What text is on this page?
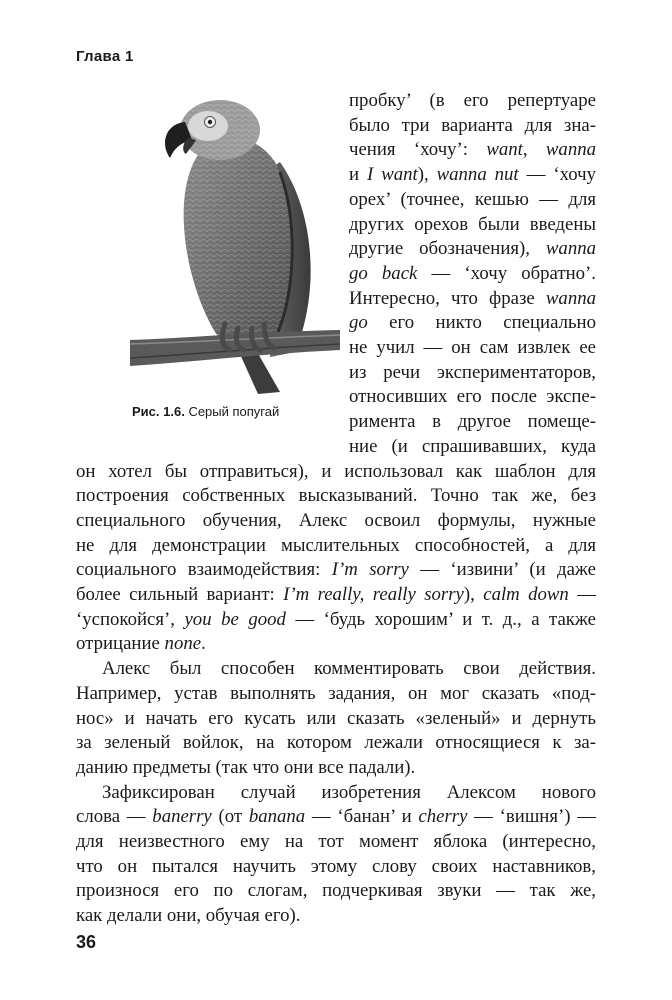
Глава 1
Рис. 1.6. Серый попугай
пробку’ (в его репертуаре
было три варианта для зна-
чения ‘хочу’: want, wanna
и I want), wanna nut — ‘хочу
орех’ (точнее, кешью — для
других орехов были введены
другие обозначения), wanna
go back — ‘хочу обратно’.
Интересно, что фразе wanna
go его никто специально
не учил — он сам извлек ее
из речи экспериментаторов,
относивших его после экспе-
римента в другое помеще-
ние (и спрашивавших, куда
он хотел бы отправиться), и использовал как шаблон для
построения собственных высказываний. Точно так же, без
специального обучения, Алекс освоил формулы, нужные
не для демонстрации мыслительных способностей, а для
социального взаимодействия: I’m sorry — ‘извини’ (и даже
более сильный вариант: I’m really, really sorry), calm down —
‘успокойся’, you be good — ‘будь хорошим’ и т. д., а также
отрицание none.
Алекс был способен комментировать свои действия.
Например, устав выполнять задания, он мог сказать «под-
нос» и начать его кусать или сказать «зеленый» и дернуть
за зеленый войлок, на котором лежали относящиеся к за-
данию предметы (так что они все падали).
Зафиксирован случай изобретения Алексом нового
слова — banerry (от banana — ‘банан’ и cherry — ‘вишня’) —
для неизвестного ему на тот момент яблока (интересно,
что он пытался научить этому слову своих наставников,
произнося его по слогам, подчеркивая звуки — так же,
как делали они, обучая его).
36
